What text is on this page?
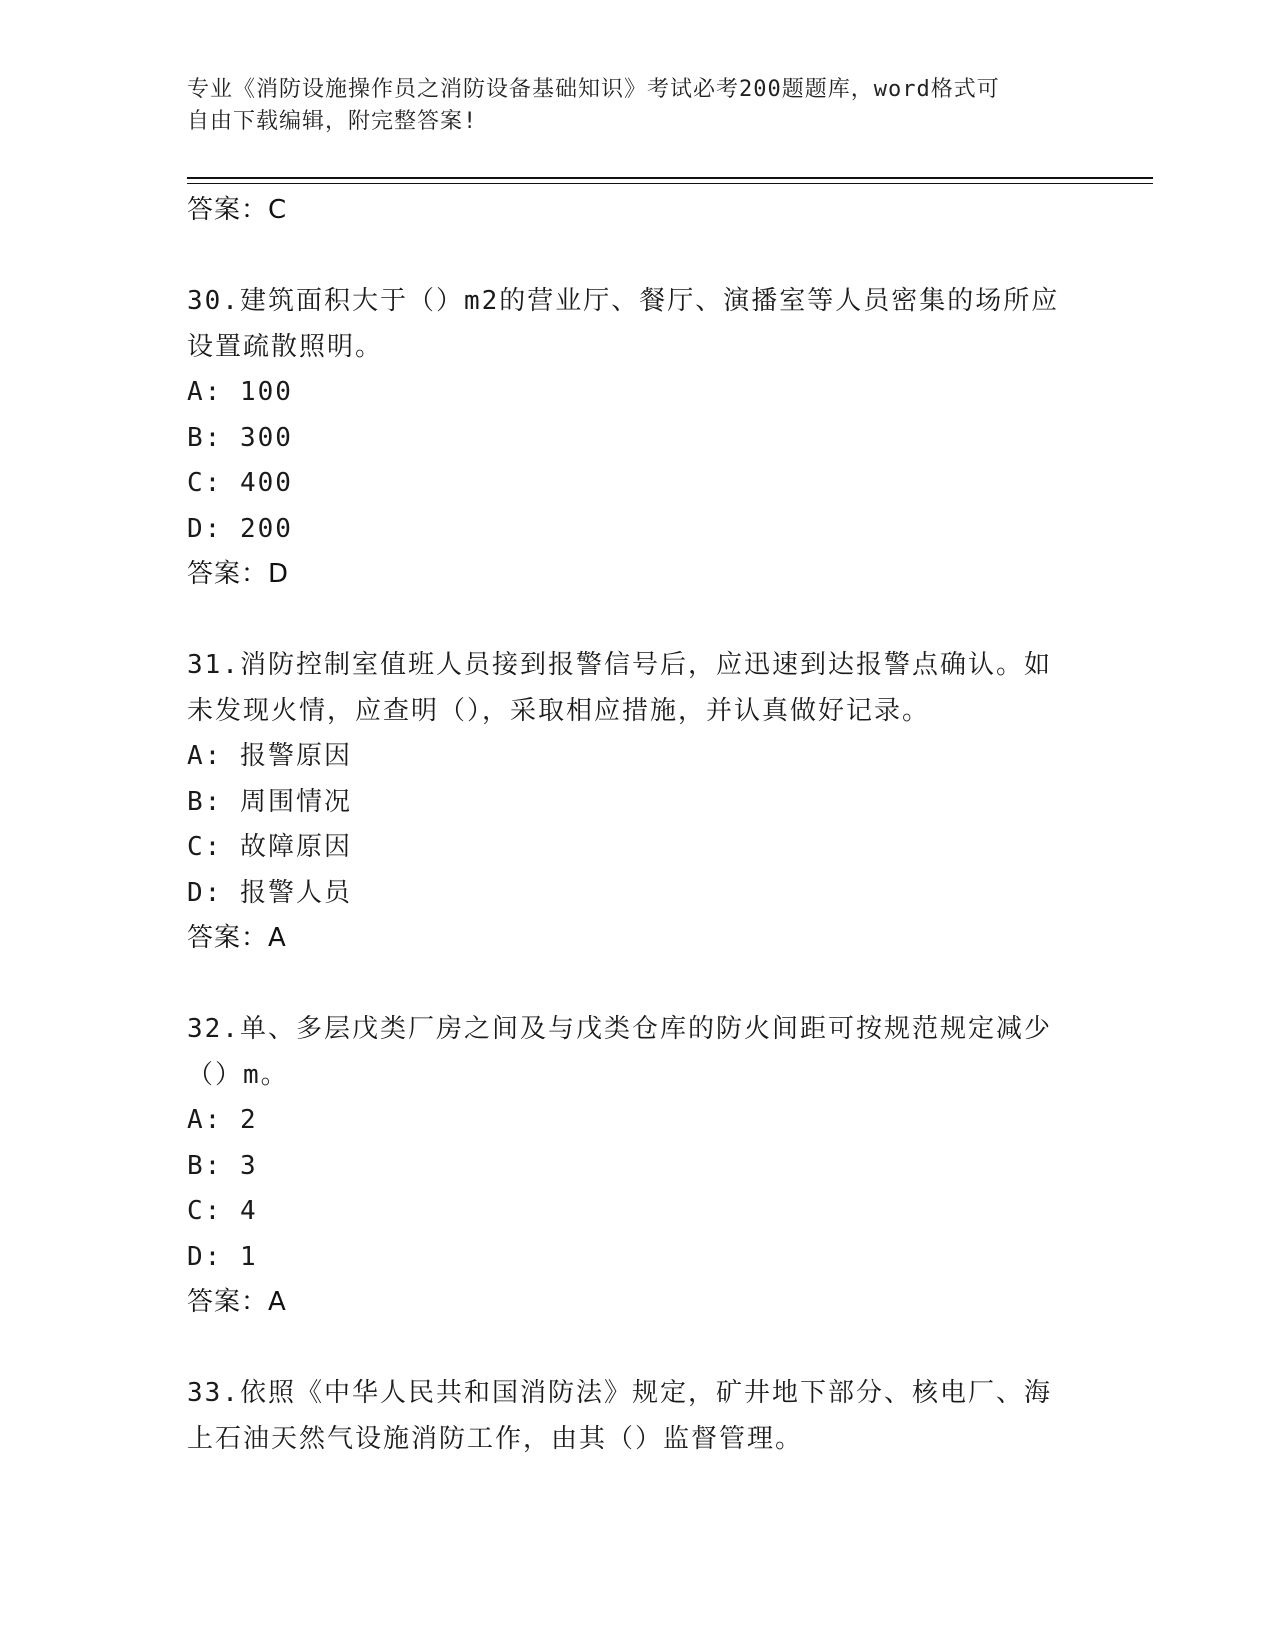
专业《消防设施操作员之消防设备基础知识》考试必考200题题库，word格式可
自由下载编辑，附完整答案!
答案：C
30.建筑面积大于（）m2的营业厅、餐厅、演播室等人员密集的场所应
设置疏散照明。
A: 100
B: 300
C: 400
D: 200
答案：D
31.消防控制室值班人员接到报警信号后，应迅速到达报警点确认。如
未发现火情，应查明（），采取相应措施，并认真做好记录。
A: 报警原因
B: 周围情况
C: 故障原因
D: 报警人员
答案：A
32.单、多层戊类厂房之间及与戊类仓库的防火间距可按规范规定减少
（）m。
A: 2
B: 3
C: 4
D: 1
答案：A
33.依照《中华人民共和国消防法》规定，矿井地下部分、核电厂、海
上石油天然气设施消防工作，由其（）监督管理。
